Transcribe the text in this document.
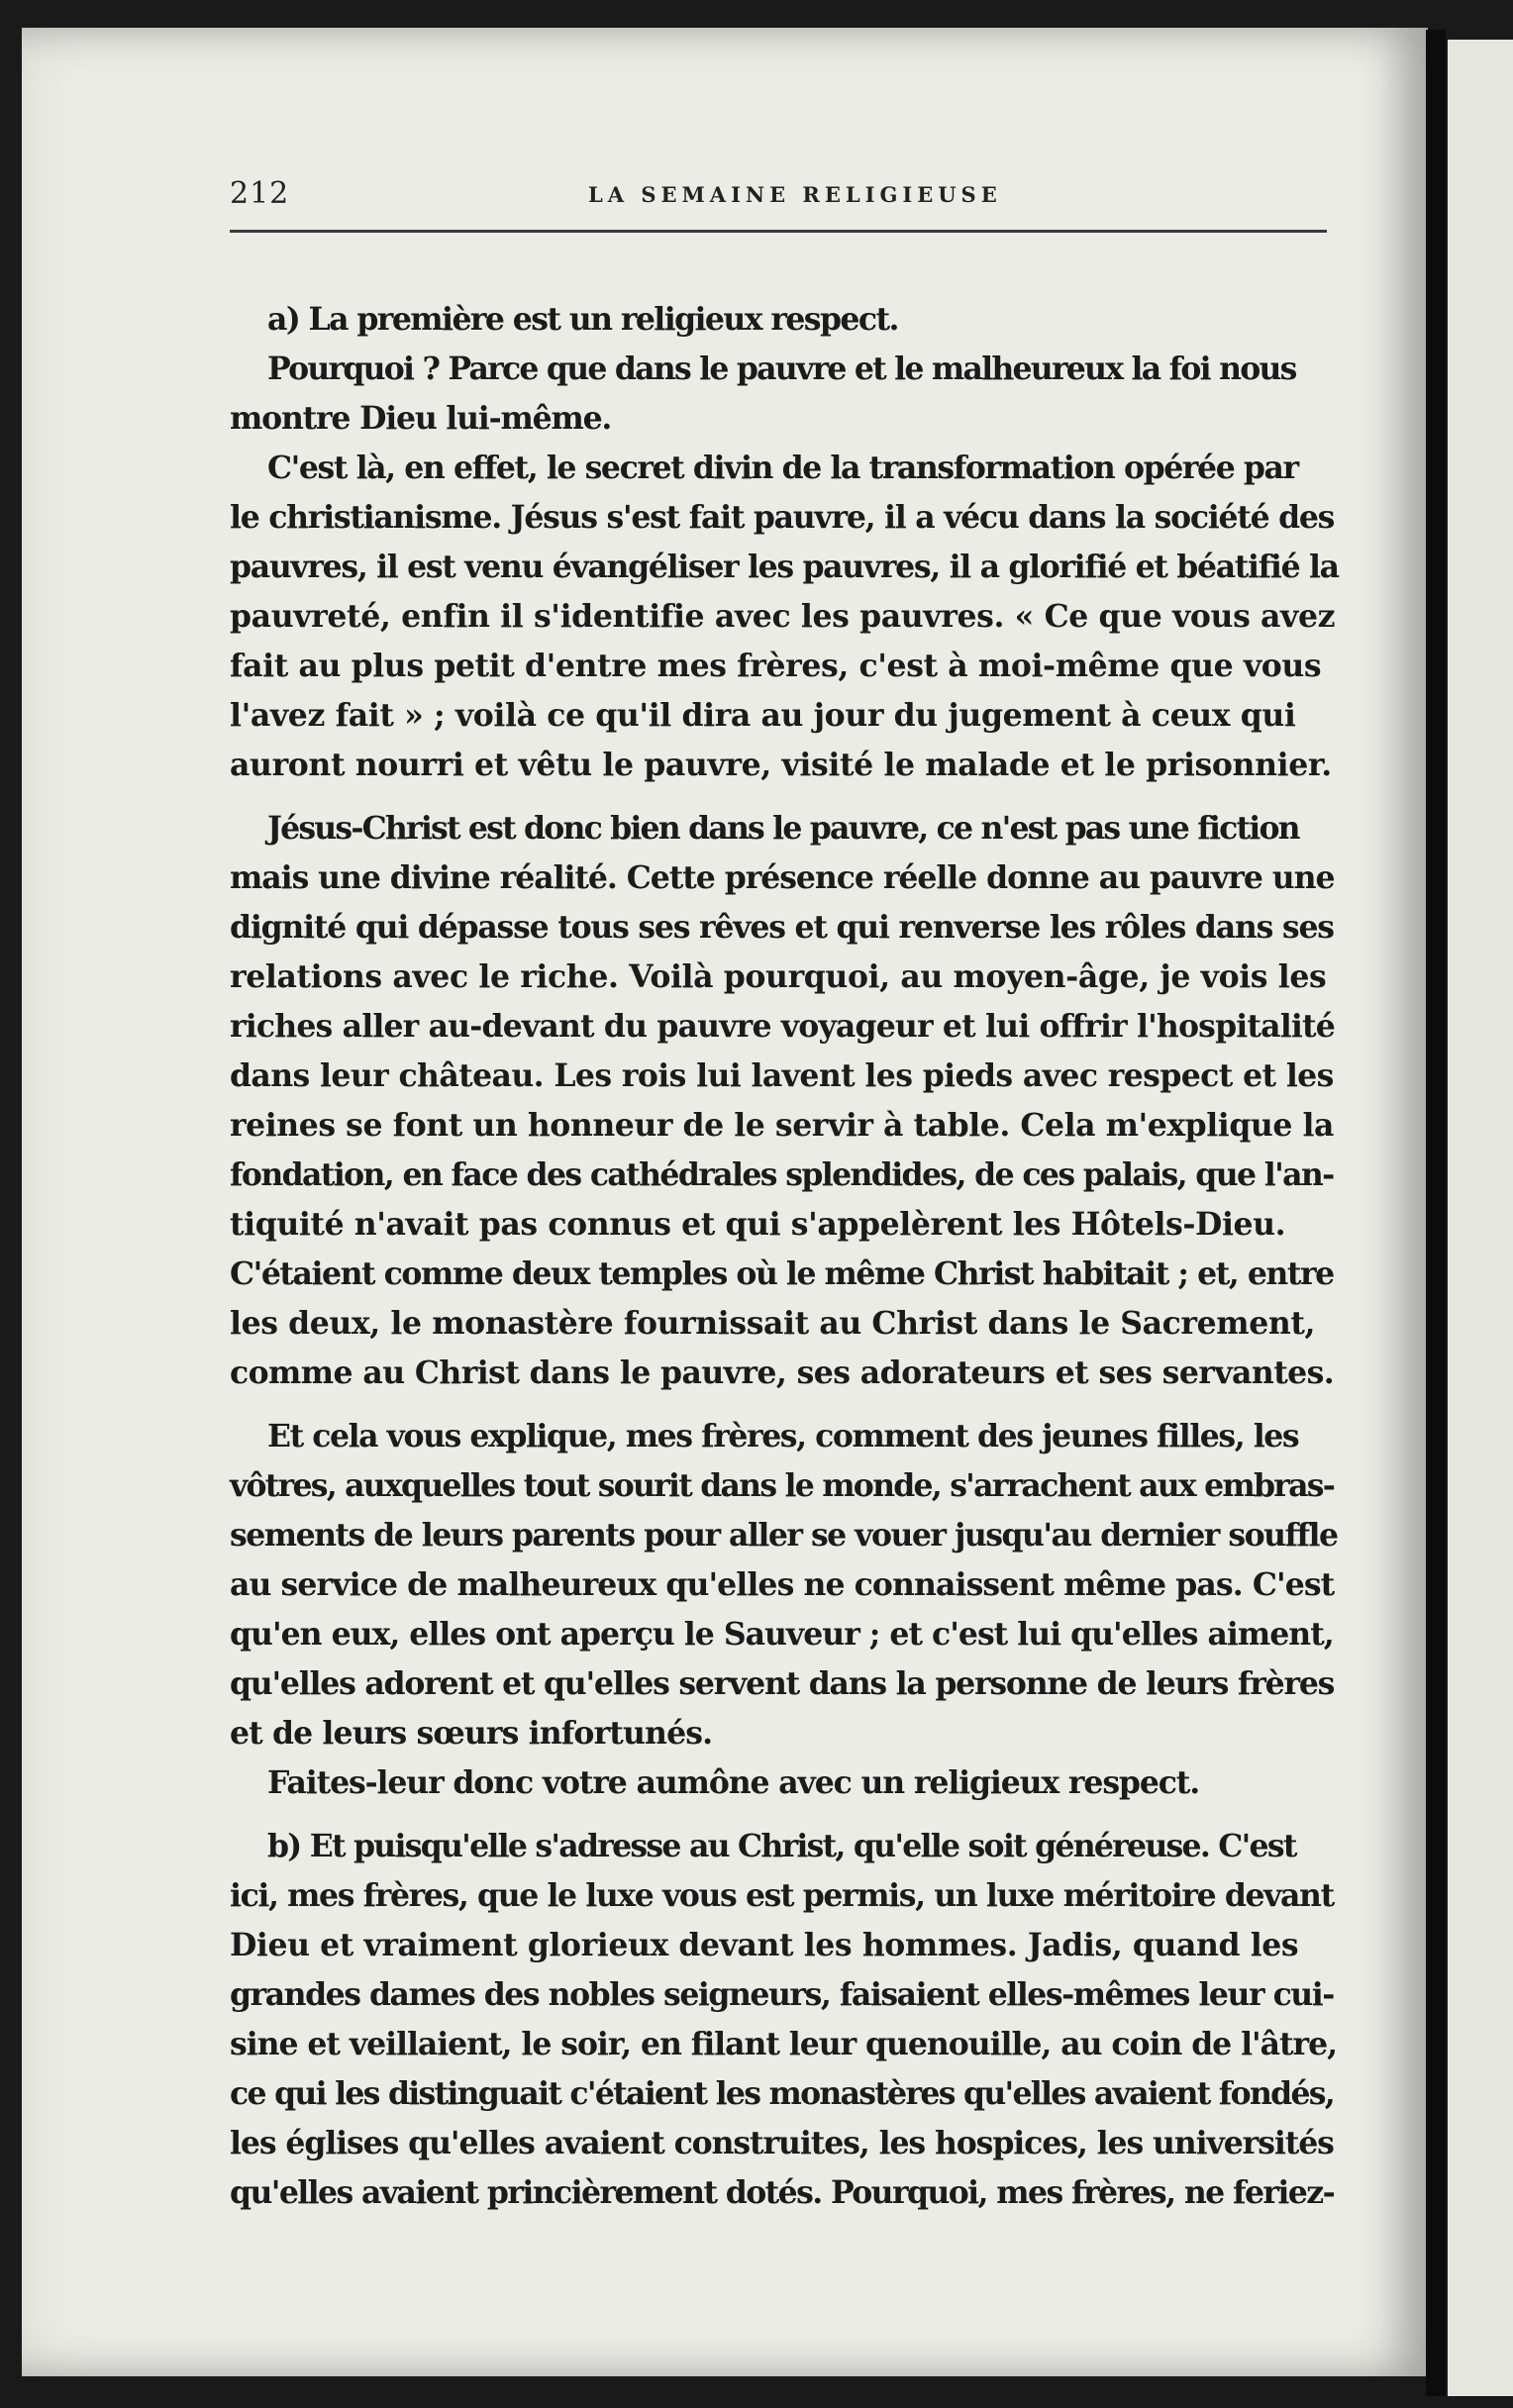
212	LA SEMAINE RELIGIEUSE

a) La première est un religieux respect.

Pourquoi ? Parce que dans le pauvre et le malheureux la foi nous
montre Dieu lui-même.

C'est là, en effet, le secret divin de la transformation opérée par
le christianisme. Jésus s'est fait pauvre, il a vécu dans la société des
pauvres, il est venu évangéliser les pauvres, il a glorifié et béatifié la
pauvreté, enfin il s'identifie avec les pauvres. « Ce que vous avez
fait au plus petit d'entre mes frères, c'est à moi-même que vous
l'avez fait » ; voilà ce qu'il dira au jour du jugement à ceux qui
auront nourri et vêtu le pauvre, visité le malade et le prisonnier.

Jésus-Christ est donc bien dans le pauvre, ce n'est pas une fiction
mais une divine réalité. Cette présence réelle donne au pauvre une
dignité qui dépasse tous ses rêves et qui renverse les rôles dans ses
relations avec le riche. Voilà pourquoi, au moyen-âge, je vois les
riches aller au-devant du pauvre voyageur et lui offrir l'hospitalité
dans leur château. Les rois lui lavent les pieds avec respect et les
reines se font un honneur de le servir à table. Cela m'explique la
fondation, en face des cathédrales splendides, de ces palais, que l'an-
tiquité n'avait pas connus et qui s'appelèrent les Hôtels-Dieu.
C'étaient comme deux temples où le même Christ habitait ; et, entre
les deux, le monastère fournissait au Christ dans le Sacrement,
comme au Christ dans le pauvre, ses adorateurs et ses servantes.

Et cela vous explique, mes frères, comment des jeunes filles, les
vôtres, auxquelles tout sourit dans le monde, s'arrachent aux embras-
sements de leurs parents pour aller se vouer jusqu'au dernier souffle
au service de malheureux qu'elles ne connaissent même pas. C'est
qu'en eux, elles ont aperçu le Sauveur ; et c'est lui qu'elles aiment,
qu'elles adorent et qu'elles servent dans la personne de leurs frères
et de leurs sœurs infortunés.

Faites-leur donc votre aumône avec un religieux respect.

b) Et puisqu'elle s'adresse au Christ, qu'elle soit généreuse. C'est
ici, mes frères, que le luxe vous est permis, un luxe méritoire devant
Dieu et vraiment glorieux devant les hommes. Jadis, quand les
grandes dames des nobles seigneurs, faisaient elles-mêmes leur cui-
sine et veillaient, le soir, en filant leur quenouille, au coin de l'âtre,
ce qui les distinguait c'étaient les monastères qu'elles avaient fondés,
les églises qu'elles avaient construites, les hospices, les universités
qu'elles avaient princièrement dotés. Pourquoi, mes frères, ne feriez-
